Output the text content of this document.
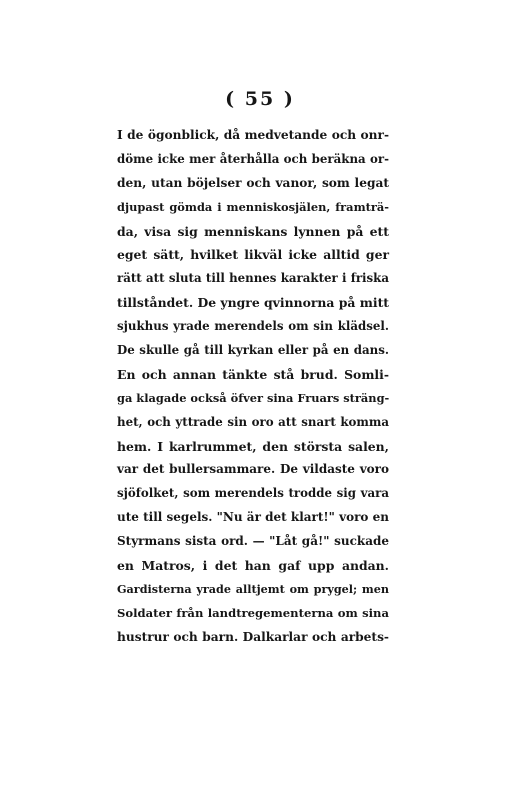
( 55 )
I de ögonblick, då medvetande och onr-
döme icke mer återhålla och beräkna or-
den, utan böjelser och vanor, som legat
djupast gömda i menniskosjälen, framträ-
da, visa sig menniskans lynnen på ett
eget sätt, hvilket likväl icke alltid ger
rätt att sluta till hennes karakter i friska
tillståndet. De yngre qvinnorna på mitt
sjukhus yrade merendels om sin klädsel.
De skulle gå till kyrkan eller på en dans.
En och annan tänkte stå brud. Somli-
ga klagade också öfver sina Fruars sträng-
het, och yttrade sin oro att snart komma
hem. I karlrummet, den största salen,
var det bullersammare. De vildaste voro
sjöfolket, som merendels trodde sig vara
ute till segels. "Nu är det klart!" voro en
Styrmans sista ord. — "Låt gå!" suckade
en Matros, i det han gaf upp andan.
Gardisterna yrade alltjemt om prygel; men
Soldater från landtregementerna om sina
hustrur och barn. Dalkarlar och arbets-
